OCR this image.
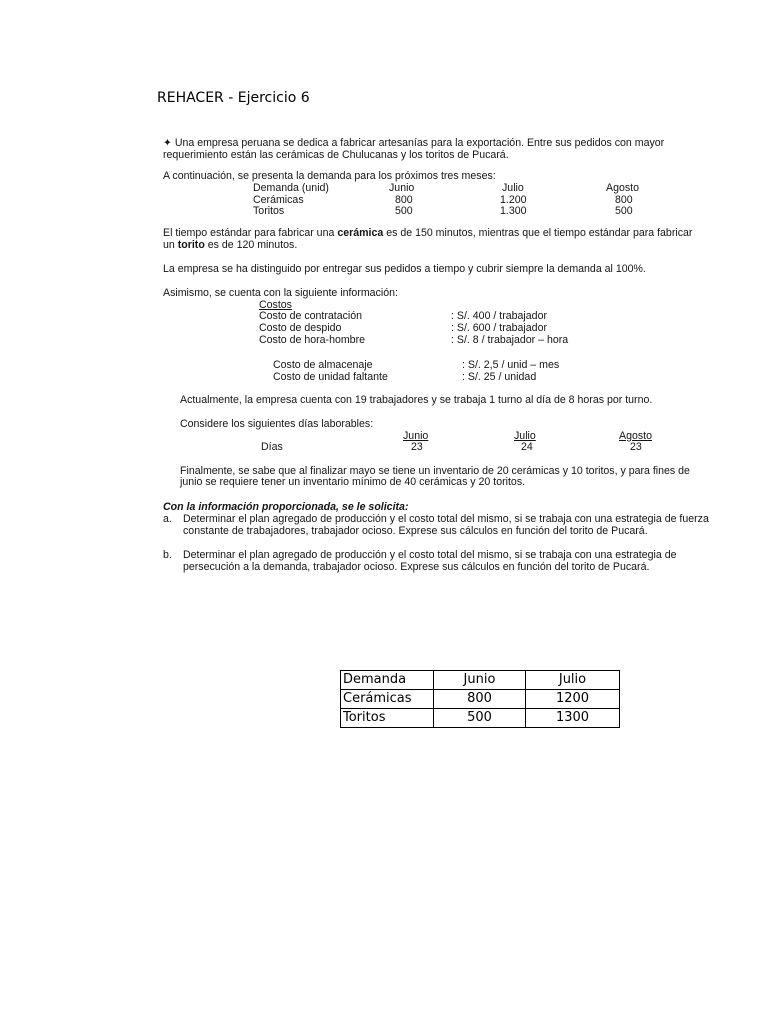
REHACER - Ejercicio 6
✦ Una empresa peruana se dedica a fabricar artesanías para la exportación. Entre sus pedidos con mayor
requerimiento están las cerámicas de Chulucanas y los toritos de Pucará.
A continuación, se presenta la demanda para los próximos tres meses:
Demanda (unid)	Junio	Julio	Agosto
Cerámicas	800	1.200	800
Toritos	500	1.300	500
El tiempo estándar para fabricar una cerámica es de 150 minutos, mientras que el tiempo estándar para fabricar
un torito es de 120 minutos.
La empresa se ha distinguido por entregar sus pedidos a tiempo y cubrir siempre la demanda al 100%.
Asimismo, se cuenta con la siguiente información:
Costos
Costo de contratación	: S/. 400 / trabajador
Costo de despido	: S/. 600 / trabajador
Costo de hora-hombre	: S/. 8 / trabajador – hora
Costo de almacenaje	: S/. 2,5 / unid – mes
Costo de unidad faltante	: S/. 25 / unidad
Actualmente, la empresa cuenta con 19 trabajadores y se trabaja 1 turno al día de 8 horas por turno.
Considere los siguientes días laborables:
Junio	Julio	Agosto
Días	23	24	23
Finalmente, se sabe que al finalizar mayo se tiene un inventario de 20 cerámicas y 10 toritos, y para fines de
junio se requiere tener un inventario mínimo de 40 cerámicas y 20 toritos.
Con la información proporcionada, se le solicita:
a. Determinar el plan agregado de producción y el costo total del mismo, si se trabaja con una estrategia de fuerza
constante de trabajadores, trabajador ocioso. Exprese sus cálculos en función del torito de Pucará.
b. Determinar el plan agregado de producción y el costo total del mismo, si se trabaja con una estrategia de
persecución a la demanda, trabajador ocioso. Exprese sus cálculos en función del torito de Pucará.
Demanda	Junio	Julio
Cerámicas	800	1200
Toritos	500	1300
